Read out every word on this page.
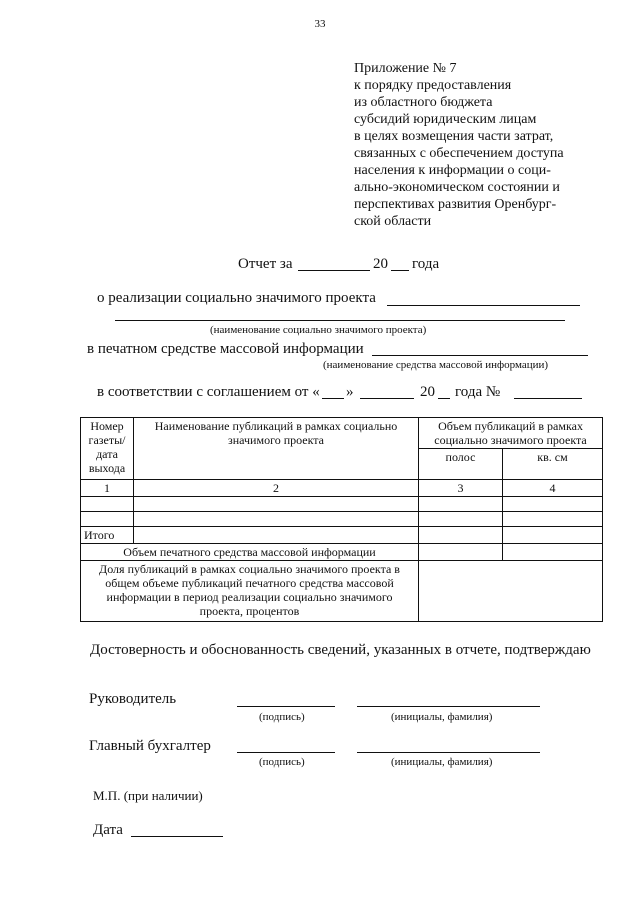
33
Приложение № 7
к порядку предоставления
из областного бюджета
субсидий юридическим лицам
в целях возмещения части затрат,
связанных с обеспечением доступа
населения к информации о соци-
ально-экономическом состоянии и
перспективах развития Оренбург-
ской области
Отчет за	20 года
о реализации социально значимого проекта
(наименование социально значимого проекта)
в печатном средстве массовой информации
(наименование средства массовой информации)
в соответствии с соглашением от « »	20 года №
Номер газеты/ дата выхода	Наименование публикаций в рамках социально значимого проекта	Объем публикаций в рамках социально значимого проекта	
		полос	кв. см
1	2	3	4

Итого			
Объем печатного средства массовой информации			
Доля публикаций в рамках социально значимого проекта в общем объеме публикаций печатного средства массовой информации в период реализации социально значимого проекта, процентов			
Достоверность и обоснованность сведений, указанных в отчете, подтверждаю
Руководитель
(подпись)	(инициалы, фамилия)
Главный бухгалтер
(подпись)	(инициалы, фамилия)
М.П. (при наличии)
Дата
